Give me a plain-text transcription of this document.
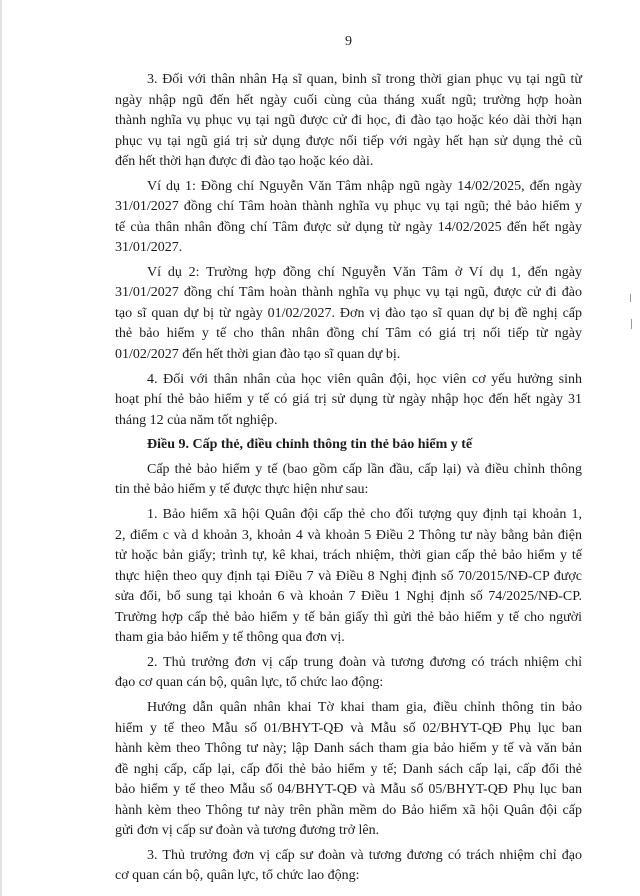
9
3. Đối với thân nhân Hạ sĩ quan, binh sĩ trong thời gian phục vụ tại ngũ từ
ngày nhập ngũ đến hết ngày cuối cùng của tháng xuất ngũ; trường hợp hoàn
thành nghĩa vụ phục vụ tại ngũ được cử đi học, đi đào tạo hoặc kéo dài thời hạn
phục vụ tại ngũ giá trị sử dụng được nối tiếp với ngày hết hạn sử dụng thẻ cũ
đến hết thời hạn được đi đào tạo hoặc kéo dài.
Ví dụ 1: Đồng chí Nguyễn Văn Tâm nhập ngũ ngày 14/02/2025, đến ngày
31/01/2027 đồng chí Tâm hoàn thành nghĩa vụ phục vụ tại ngũ; thẻ bảo hiểm y
tế của thân nhân đồng chí Tâm được sử dụng từ ngày 14/02/2025 đến hết ngày
31/01/2027.
Ví dụ 2: Trường hợp đồng chí Nguyễn Văn Tâm ở Ví dụ 1, đến ngày
31/01/2027 đồng chí Tâm hoàn thành nghĩa vụ phục vụ tại ngũ, được cử đi đào
tạo sĩ quan dự bị từ ngày 01/02/2027. Đơn vị đào tạo sĩ quan dự bị đề nghị cấp
thẻ bảo hiểm y tế cho thân nhân đồng chí Tâm có giá trị nối tiếp từ ngày
01/02/2027 đến hết thời gian đào tạo sĩ quan dự bị.
4. Đối với thân nhân của học viên quân đội, học viên cơ yếu hưởng sinh
hoạt phí thẻ bảo hiểm y tế có giá trị sử dụng từ ngày nhập học đến hết ngày 31
tháng 12 của năm tốt nghiệp.
Điều 9. Cấp thẻ, điều chỉnh thông tin thẻ bảo hiểm y tế
Cấp thẻ bảo hiểm y tế (bao gồm cấp lần đầu, cấp lại) và điều chỉnh thông
tin thẻ bảo hiểm y tế được thực hiện như sau:
1. Bảo hiểm xã hội Quân đội cấp thẻ cho đối tượng quy định tại khoản 1,
2, điểm c và d khoản 3, khoản 4 và khoản 5 Điều 2 Thông tư này bằng bản điện
tử hoặc bản giấy; trình tự, kê khai, trách nhiệm, thời gian cấp thẻ bảo hiểm y tế
thực hiện theo quy định tại Điều 7 và Điều 8 Nghị định số 70/2015/NĐ-CP được
sửa đổi, bổ sung tại khoản 6 và khoản 7 Điều 1 Nghị định số 74/2025/NĐ-CP.
Trường hợp cấp thẻ bảo hiểm y tế bản giấy thì gửi thẻ bảo hiểm y tế cho người
tham gia bảo hiểm y tế thông qua đơn vị.
2. Thủ trưởng đơn vị cấp trung đoàn và tương đương có trách nhiệm chỉ
đạo cơ quan cán bộ, quân lực, tổ chức lao động:
Hướng dẫn quân nhân khai Tờ khai tham gia, điều chỉnh thông tin bảo
hiểm y tế theo Mẫu số 01/BHYT-QĐ và Mẫu số 02/BHYT-QĐ Phụ lục ban
hành kèm theo Thông tư này; lập Danh sách tham gia bảo hiểm y tế và văn bản
đề nghị cấp, cấp lại, cấp đổi thẻ bảo hiểm y tế; Danh sách cấp lại, cấp đổi thẻ
bảo hiểm y tế theo Mẫu số 04/BHYT-QĐ và Mẫu số 05/BHYT-QĐ Phụ lục ban
hành kèm theo Thông tư này trên phần mềm do Bảo hiểm xã hội Quân đội cấp
gửi đơn vị cấp sư đoàn và tương đương trở lên.
3. Thủ trưởng đơn vị cấp sư đoàn và tương đương có trách nhiệm chỉ đạo
cơ quan cán bộ, quân lực, tổ chức lao động:
